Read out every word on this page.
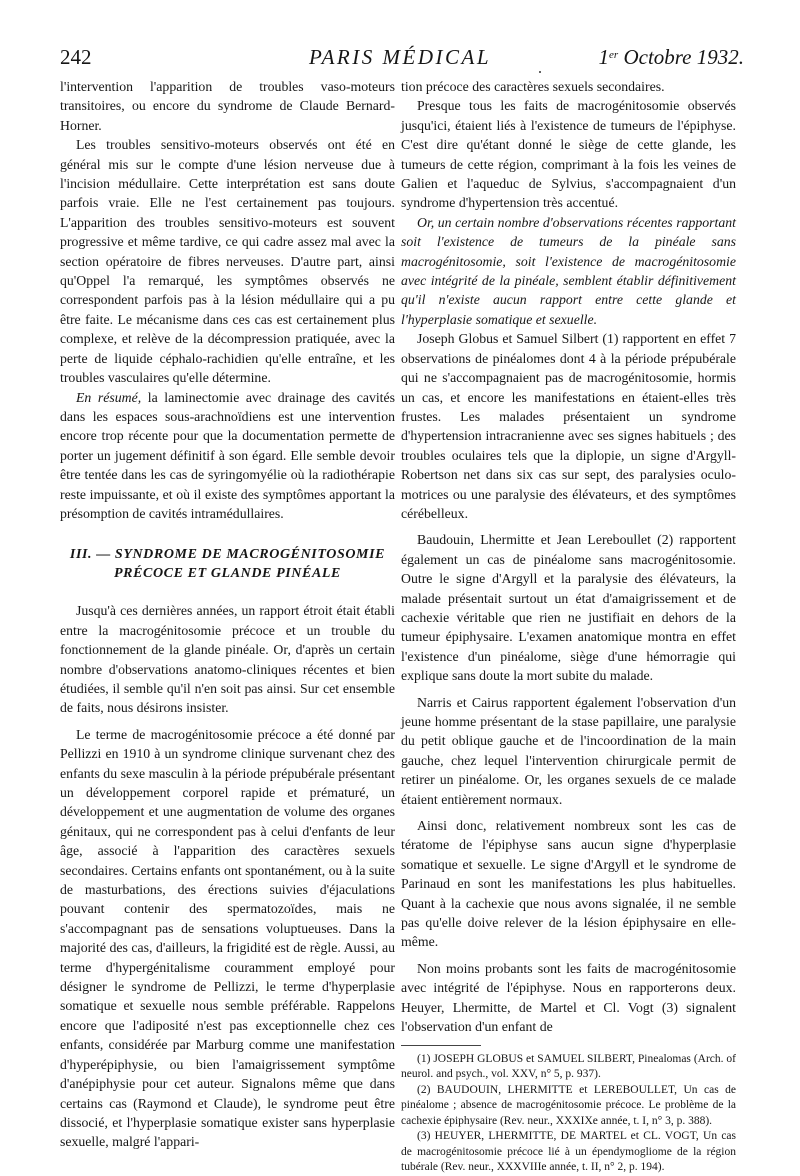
242	PARIS MÉDICAL	1er Octobre 1932.

l'intervention l'apparition de troubles vaso-moteurs transitoires, ou encore du syndrome de Claude Bernard-Horner.

Les troubles sensitivo-moteurs observés ont été en général mis sur le compte d'une lésion nerveuse due à l'incision médullaire. Cette interprétation est sans doute parfois vraie. Elle ne l'est certainement pas toujours. L'apparition des troubles sensitivo-moteurs est souvent progressive et même tardive, ce qui cadre assez mal avec la section opératoire de fibres nerveuses. D'autre part, ainsi qu'Oppel l'a remarqué, les symptômes observés ne correspondent parfois pas à la lésion médullaire qui a pu être faite. Le mécanisme dans ces cas est certainement plus complexe, et relève de la décompression pratiquée, avec la perte de liquide céphalo-rachidien qu'elle entraîne, et les troubles vasculaires qu'elle détermine.

En résumé, la laminectomie avec drainage des cavités dans les espaces sous-arachnoïdiens est une intervention encore trop récente pour que la documentation permette de porter un jugement définitif à son égard. Elle semble devoir être tentée dans les cas de syringomyélie où la radiothérapie reste impuissante, et où il existe des symptômes apportant la présomption de cavités intramédullaires.

III. — SYNDROME DE MACROGÉNITOSOMIE PRÉCOCE ET GLANDE PINÉALE

Jusqu'à ces dernières années, un rapport étroit était établi entre la macrogénitosomie précoce et un trouble du fonctionnement de la glande pinéale. Or, d'après un certain nombre d'observations anatomo-cliniques récentes et bien étudiées, il semble qu'il n'en soit pas ainsi. Sur cet ensemble de faits, nous désirons insister.

Le terme de macrogénitosomie précoce a été donné par Pellizzi en 1910 à un syndrome clinique survenant chez des enfants du sexe masculin à la période prépubérale présentant un développement corporel rapide et prématuré, un développement et une augmentation de volume des organes génitaux, qui ne correspondent pas à celui d'enfants de leur âge, associé à l'apparition des caractères sexuels secondaires. Certains enfants ont spontanément, ou à la suite de masturbations, des érections suivies d'éjaculations pouvant contenir des spermatozoïdes, mais ne s'accompagnant pas de sensations voluptueuses. Dans la majorité des cas, d'ailleurs, la frigidité est de règle. Aussi, au terme d'hypergénitalisme couramment employé pour désigner le syndrome de Pellizzi, le terme d'hyperplasie somatique et sexuelle nous semble préférable. Rappelons encore que l'adiposité n'est pas exceptionnelle chez ces enfants, considérée par Marburg comme une manifestation d'hyperépiphysie, ou bien l'amaigrissement symptôme d'anépiphysie pour cet auteur. Signalons même que dans certains cas (Raymond et Claude), le syndrome peut être dissocié, et l'hyperplasie somatique exister sans hyperplasie sexuelle, malgré l'appari-

tion précoce des caractères sexuels secondaires.

Presque tous les faits de macrogénitosomie observés jusqu'ici, étaient liés à l'existence de tumeurs de l'épiphyse. C'est dire qu'étant donné le siège de cette glande, les tumeurs de cette région, comprimant à la fois les veines de Galien et l'aqueduc de Sylvius, s'accompagnaient d'un syndrome d'hypertension très accentué.

Or, un certain nombre d'observations récentes rapportant soit l'existence de tumeurs de la pinéale sans macrogénitosomie, soit l'existence de macrogénitosomie avec intégrité de la pinéale, semblent établir définitivement qu'il n'existe aucun rapport entre cette glande et l'hyperplasie somatique et sexuelle.

Joseph Globus et Samuel Silbert (1) rapportent en effet 7 observations de pinéalomes dont 4 à la période prépubérale qui ne s'accompagnaient pas de macrogénitosomie, hormis un cas, et encore les manifestations en étaient-elles très frustes. Les malades présentaient un syndrome d'hypertension intracranienne avec ses signes habituels ; des troubles oculaires tels que la diplopie, un signe d'Argyll-Robertson net dans six cas sur sept, des paralysies oculo-motrices ou une paralysie des élévateurs, et des symptômes cérébelleux.

Baudouin, Lhermitte et Jean Lereboullet (2) rapportent également un cas de pinéalome sans macrogénitosomie. Outre le signe d'Argyll et la paralysie des élévateurs, la malade présentait surtout un état d'amaigrissement et de cachexie véritable que rien ne justifiait en dehors de la tumeur épiphysaire. L'examen anatomique montra en effet l'existence d'un pinéalome, siège d'une hémorragie qui explique sans doute la mort subite du malade.

Narris et Cairus rapportent également l'observation d'un jeune homme présentant de la stase papillaire, une paralysie du petit oblique gauche et de l'incoordination de la main gauche, chez lequel l'intervention chirurgicale permit de retirer un pinéalome. Or, les organes sexuels de ce malade étaient entièrement normaux.

Ainsi donc, relativement nombreux sont les cas de tératome de l'épiphyse sans aucun signe d'hyperplasie somatique et sexuelle. Le signe d'Argyll et le syndrome de Parinaud en sont les manifestations les plus habituelles. Quant à la cachexie que nous avons signalée, il ne semble pas qu'elle doive relever de la lésion épiphysaire en elle-même.

Non moins probants sont les faits de macrogénitosomie avec intégrité de l'épiphyse. Nous en rapporterons deux. Heuyer, Lhermitte, de Martel et Cl. Vogt (3) signalent l'observation d'un enfant de

(1) JOSEPH GLOBUS et SAMUEL SILBERT, Pinealomas (Arch. of neurol. and psych., vol. XXV, n° 5, p. 937).

(2) BAUDOUIN, LHERMITTE et LEREBOULLET, Un cas de pinéalome ; absence de macrogénitosomie précoce. Le problème de la cachexie épiphysaire (Rev. neur., XXXIXe année, t. I, n° 3, p. 388).

(3) HEUYER, LHERMITTE, DE MARTEL et CL. VOGT, Un cas de macrogénitosomie précoce lié à un épendymogliome de la région tubérale (Rev. neur., XXXVIIIe année, t. II, n° 2, p. 194).
